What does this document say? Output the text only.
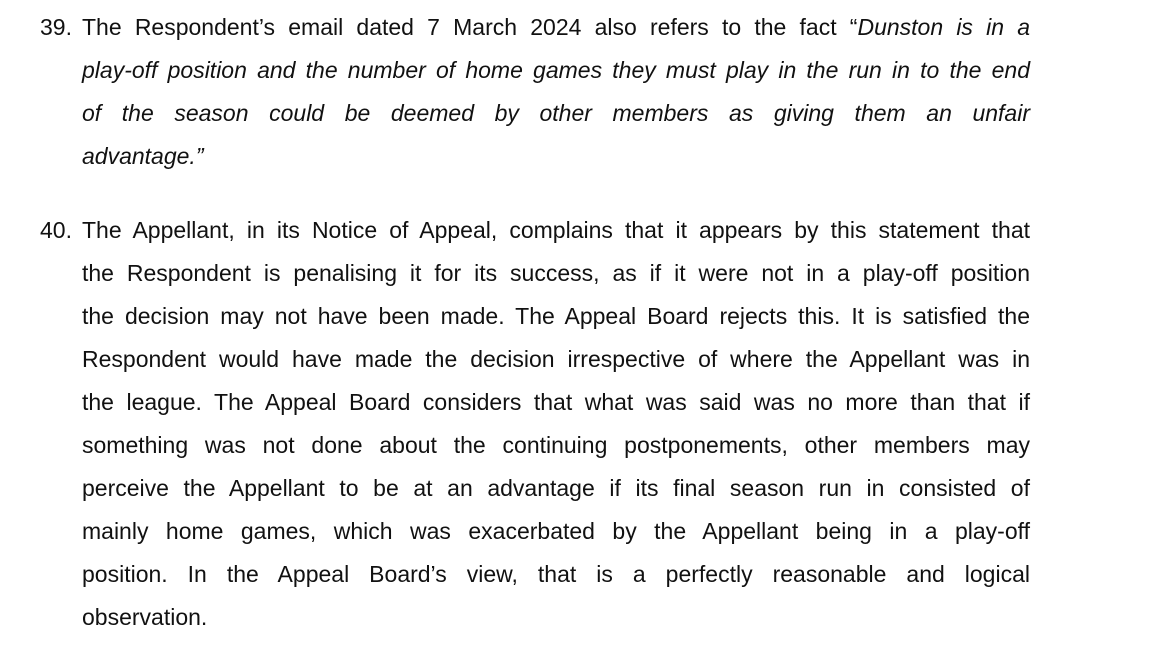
39. The Respondent’s email dated 7 March 2024 also refers to the fact “Dunston is in a
play-off position and the number of home games they must play in the run in to the end
of the season could be deemed by other members as giving them an unfair
advantage.”
40. The Appellant, in its Notice of Appeal, complains that it appears by this statement that
the Respondent is penalising it for its success, as if it were not in a play-off position
the decision may not have been made. The Appeal Board rejects this. It is satisfied the
Respondent would have made the decision irrespective of where the Appellant was in
the league. The Appeal Board considers that what was said was no more than that if
something was not done about the continuing postponements, other members may
perceive the Appellant to be at an advantage if its final season run in consisted of
mainly home games, which was exacerbated by the Appellant being in a play-off
position. In the Appeal Board’s view, that is a perfectly reasonable and logical
observation.
